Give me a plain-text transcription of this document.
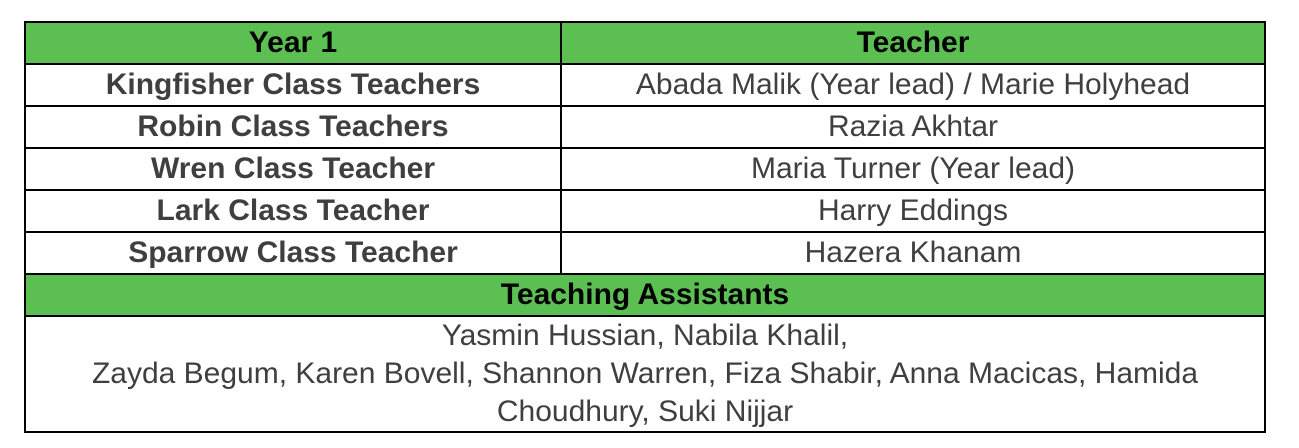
Year 1	Teacher
Kingfisher Class Teachers	Abada Malik (Year lead) / Marie Holyhead
Robin Class Teachers	Razia Akhtar
Wren Class Teacher	Maria Turner (Year lead)
Lark Class Teacher	Harry Eddings
Sparrow Class Teacher	Hazera Khanam
Teaching Assistants	

Yasmin Hussian, Nabila Khalil,
Zayda Begum, Karen Bovell, Shannon Warren, Fiza Shabir, Anna Macicas, Hamida
Choudhury, Suki Nijjar	
